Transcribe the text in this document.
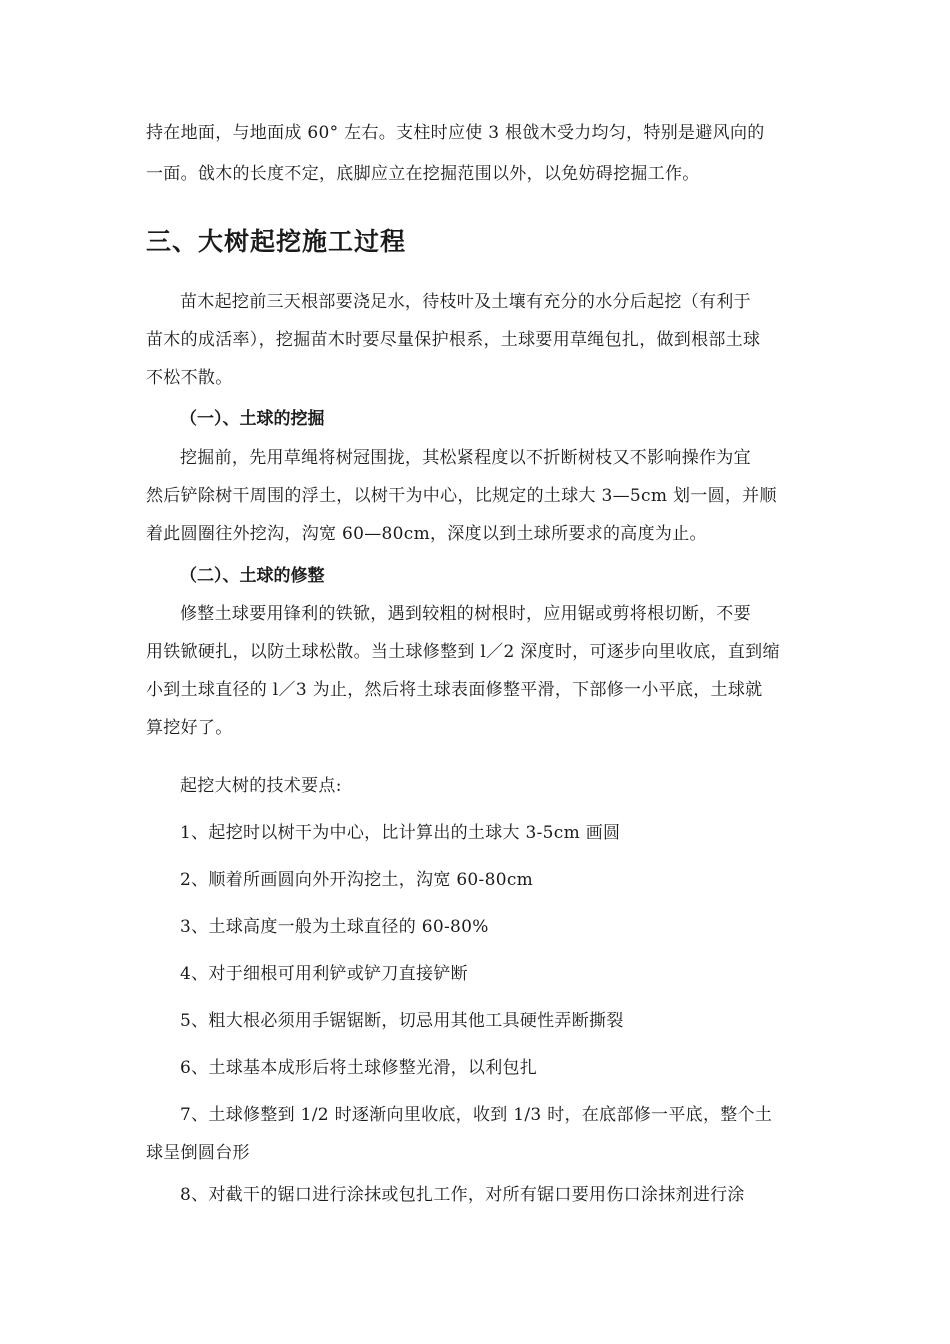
持在地面，与地面成 60° 左右。支柱时应使 3 根戗木受力均匀，特别是避风向的
一面。戗木的长度不定，底脚应立在挖掘范围以外，以免妨碍挖掘工作。
三、大树起挖施工过程
苗木起挖前三天根部要浇足水，待枝叶及土壤有充分的水分后起挖（有利于
苗木的成活率），挖掘苗木时要尽量保护根系，土球要用草绳包扎，做到根部土球
不松不散。
（一）、土球的挖掘
挖掘前，先用草绳将树冠围拢，其松紧程度以不折断树枝又不影响操作为宜
然后铲除树干周围的浮土，以树干为中心，比规定的土球大 3—5cm 划一圆，并顺
着此圆圈往外挖沟，沟宽 60—80cm，深度以到土球所要求的高度为止。
（二）、土球的修整
修整土球要用锋利的铁锨，遇到较粗的树根时，应用锯或剪将根切断，不要
用铁锨硬扎，以防土球松散。当土球修整到 l／2 深度时，可逐步向里收底，直到缩
小到土球直径的 l／3 为止，然后将土球表面修整平滑，下部修一小平底，土球就
算挖好了。
起挖大树的技术要点:
1、起挖时以树干为中心，比计算出的土球大 3-5cm 画圆
2、顺着所画圆向外开沟挖土，沟宽 60-80cm
3、土球高度一般为土球直径的 60-80%
4、对于细根可用利铲或铲刀直接铲断
5、粗大根必须用手锯锯断，切忌用其他工具硬性弄断撕裂
6、土球基本成形后将土球修整光滑，以利包扎
7、土球修整到 1/2 时逐渐向里收底，收到 1/3 时，在底部修一平底，整个土
球呈倒圆台形
8、对截干的锯口进行涂抹或包扎工作，对所有锯口要用伤口涂抹剂进行涂
